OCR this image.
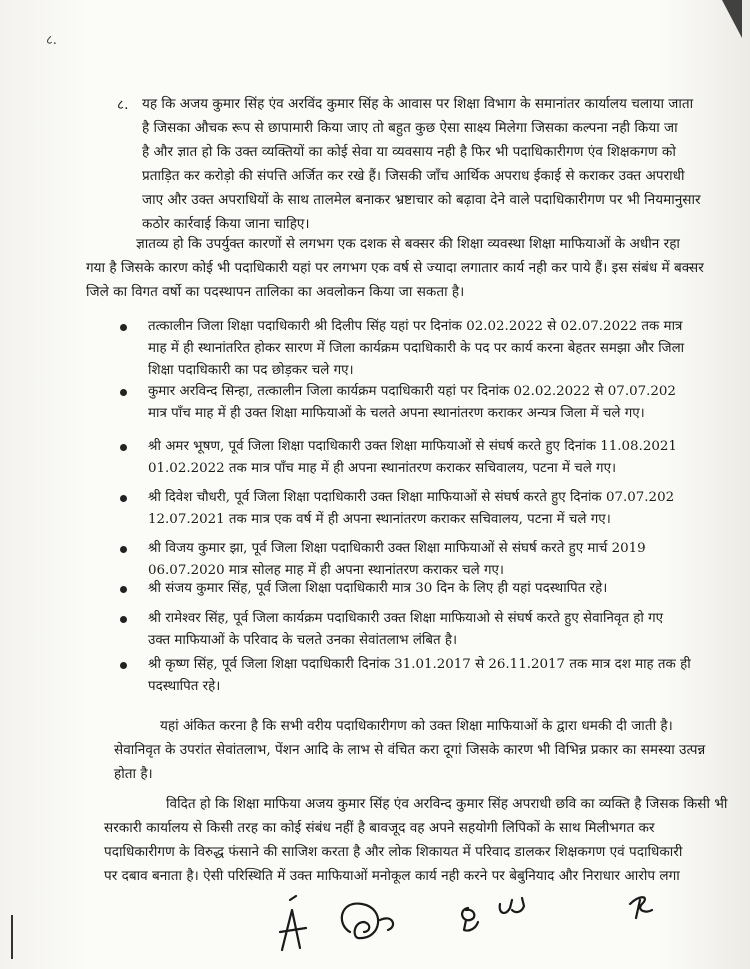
८.
८. यह कि अजय कुमार सिंह एंव अरविंद कुमार सिंह के आवास पर शिक्षा विभाग के समानांतर कार्यालय चलाया जाता
है जिसका औचक रूप से छापामारी किया जाए तो बहुत कुछ ऐसा साक्ष्य मिलेगा जिसका कल्पना नही किया जा
है और ज्ञात हो कि उक्त व्यक्तियों का कोई सेवा या व्यवसाय नही है फिर भी पदाधिकारीगण एंव शिक्षकगण को
प्रताड़ित कर करोड़ो की संपत्ति अर्जित कर रखे हैं। जिसकी जाँच आर्थिक अपराध ईकाई से कराकर उक्त अपराधी
जाए और उक्त अपराधियों के साथ तालमेल बनाकर भ्रष्टाचार को बढ़ावा देने वाले पदाधिकारीगण पर भी नियमानुसार
कठोर कार्रवाई किया जाना चाहिए।
ज्ञातव्य हो कि उपर्युक्त कारणों से लगभग एक दशक से बक्सर की शिक्षा व्यवस्था शिक्षा माफियाओं के अधीन रहा
गया है जिसके कारण कोई भी पदाधिकारी यहां पर लगभग एक वर्ष से ज्यादा लगातार कार्य नही कर पाये हैं। इस संबंध में बक्सर
जिले का विगत वर्षो का पदस्थापन तालिका का अवलोकन किया जा सकता है।
तत्कालीन जिला शिक्षा पदाधिकारी श्री दिलीप सिंह यहां पर दिनांक 02.02.2022 से 02.07.2022 तक मात्र
माह में ही स्थानांतरित होकर सारण में जिला कार्यक्रम पदाधिकारी के पद पर कार्य करना बेहतर समझा और जिला
शिक्षा पदाधिकारी का पद छोड़कर चले गए।
कुमार अरविन्द सिन्हा, तत्कालीन जिला कार्यक्रम पदाधिकारी यहां पर दिनांक 02.02.2022 से 07.07.202
मात्र पाँच माह में ही उक्त शिक्षा माफियाओं के चलते अपना स्थानांतरण कराकर अन्यत्र जिला में चले गए।
श्री अमर भूषण, पूर्व जिला शिक्षा पदाधिकारी उक्त शिक्षा माफियाओं से संघर्ष करते हुए दिनांक 11.08.2021
01.02.2022 तक मात्र पाँच माह में ही अपना स्थानांतरण कराकर सचिवालय, पटना में चले गए।
श्री दिवेश चौधरी, पूर्व जिला शिक्षा पदाधिकारी उक्त शिक्षा माफियाओं से संघर्ष करते हुए दिनांक 07.07.202
12.07.2021 तक मात्र एक वर्ष में ही अपना स्थानांतरण कराकर सचिवालय, पटना में चले गए।
श्री विजय कुमार झा, पूर्व जिला शिक्षा पदाधिकारी उक्त शिक्षा माफियाओं से संघर्ष करते हुए मार्च 2019
06.07.2020 मात्र सोलह माह में ही अपना स्थानांतरण कराकर चले गए।
श्री संजय कुमार सिंह, पूर्व जिला शिक्षा पदाधिकारी मात्र 30 दिन के लिए ही यहां पदस्थापित रहे।
श्री रामेश्वर सिंह, पूर्व जिला कार्यक्रम पदाधिकारी उक्त शिक्षा माफियाओ से संघर्ष करते हुए सेवानिवृत हो गए
उक्त माफियाओं के परिवाद के चलते उनका सेवांतलाभ लंबित है।
श्री कृष्ण सिंह, पूर्व जिला शिक्षा पदाधिकारी दिनांक 31.01.2017 से 26.11.2017 तक मात्र दश माह तक ही
पदस्थापित रहे।
यहां अंकित करना है कि सभी वरीय पदाधिकारीगण को उक्त शिक्षा माफियाओं के द्वारा धमकी दी जाती है।
सेवानिवृत के उपरांत सेवांतलाभ, पेंशन आदि के लाभ से वंचित करा दूगां जिसके कारण भी विभिन्न प्रकार का समस्या उत्पन्न
होता है।
विदित हो कि शिक्षा माफिया अजय कुमार सिंह एंव अरविन्द कुमार सिंह अपराधी छवि का व्यक्ति है जिसक किसी भी
सरकारी कार्यालय से किसी तरह का कोई संबंध नहीं है बावजूद वह अपने सहयोगी लिपिकों के साथ मिलीभगत कर
पदाधिकारीगण के विरुद्ध फंसाने की साजिश करता है और लोक शिकायत में परिवाद डालकर शिक्षकगण एवं पदाधिकारी
पर दबाव बनाता है। ऐसी परिस्थिति में उक्त माफियाओं मनोकूल कार्य नही करने पर बेबुनियाद और निराधार आरोप लगा
